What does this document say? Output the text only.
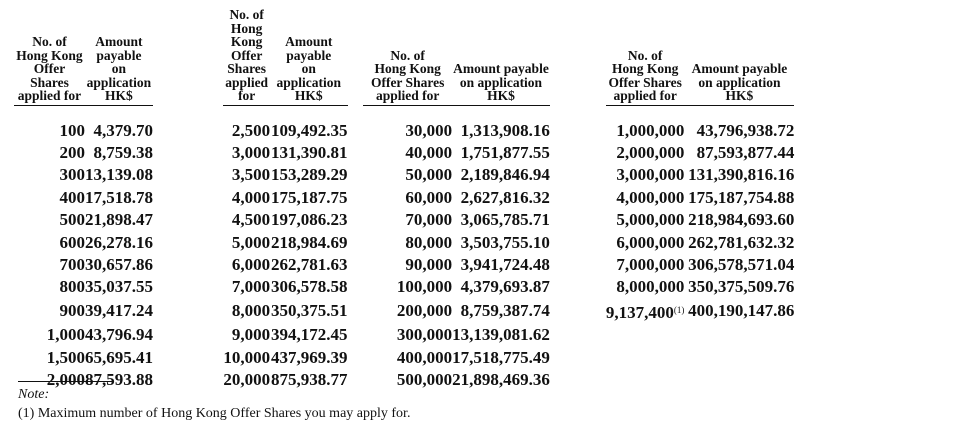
No. of
Hong Kong
Offer Shares
applied for	Amount payable
on application
HK$		No. of
Hong Kong
Offer Shares
applied for	Amount payable
on application
HK$		No. of
Hong Kong
Offer Shares
applied for	Amount payable
on application
HK$		No. of
Hong Kong
Offer Shares
applied for	Amount payable
on application
HK$

100	4,379.70		2,500	109,492.35		30,000	1,313,908.16		1,000,000	43,796,938.72
200	8,759.38		3,000	131,390.81		40,000	1,751,877.55		2,000,000	87,593,877.44
300	13,139.08		3,500	153,289.29		50,000	2,189,846.94		3,000,000	131,390,816.16
400	17,518.78		4,000	175,187.75		60,000	2,627,816.32		4,000,000	175,187,754.88
500	21,898.47		4,500	197,086.23		70,000	3,065,785.71		5,000,000	218,984,693.60
600	26,278.16		5,000	218,984.69		80,000	3,503,755.10		6,000,000	262,781,632.32
700	30,657.86		6,000	262,781.63		90,000	3,941,724.48		7,000,000	306,578,571.04
800	35,037.55		7,000	306,578.58		100,000	4,379,693.87		8,000,000	350,375,509.76
900	39,417.24		8,000	350,375.51		200,000	8,759,387.74		9,137,400$^{(1)}$	400,190,147.86
1,000	43,796.94		9,000	394,172.45		300,000	13,139,081.62			
1,500	65,695.41		10,000	437,969.39		400,000	17,518,775.49			
2,000	87,593.88		20,000	875,938.77		500,000	21,898,469.36			
Note:
(1) Maximum number of Hong Kong Offer Shares you may apply for.
